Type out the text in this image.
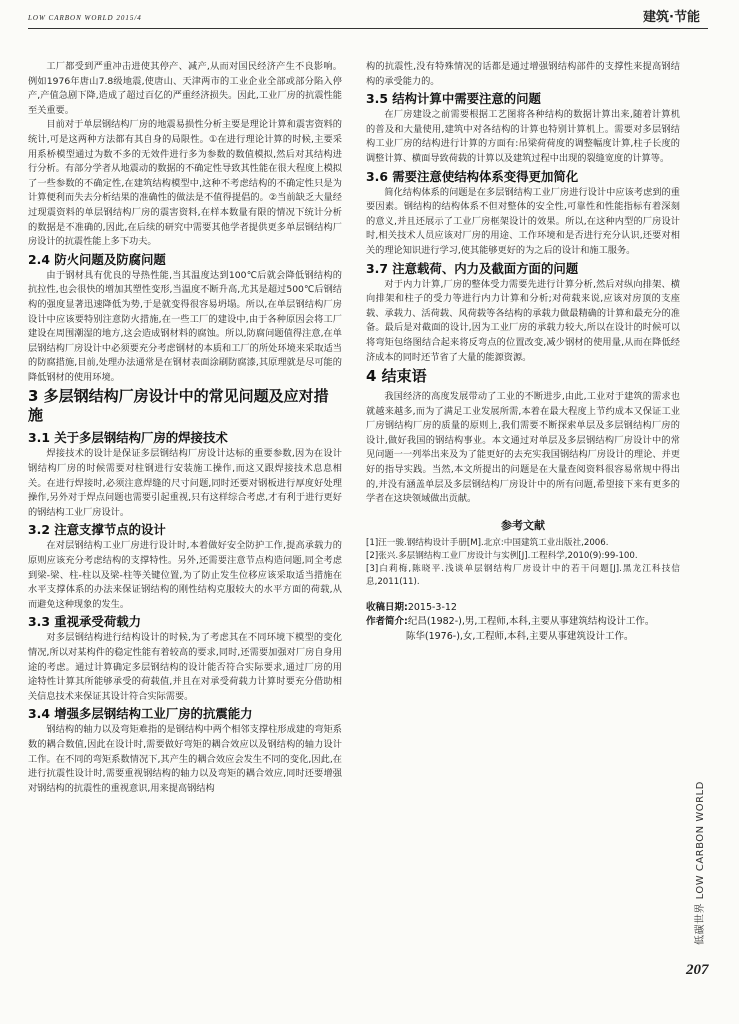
LOW CARBON WORLD 2015/4	建筑·节能

工厂都受到严重冲击进使其停产、减产,从而对国民经济产生不良影响。例如1976年唐山7.8级地震,使唐山、天津两市的工业企业全部或部分陷入停产,产值急剧下降,造成了超过百亿的严重经济损失。因此,工业厂房的抗震性能至关重要。

目前对于单层钢结构厂房的地震易损性分析主要是理论计算和震害资料的统计,可是这两种方法都有其自身的局限性。①在进行理论计算的时候,主要采用系桥模型通过为数不多的无效件进行多为参数的数值模拟,然后对其结构进行分析。有部分学者从地震动的数据的不确定性导致其性能在很大程度上模拟了一些参数的不确定性,在建筑结构模型中,这种不考虑结构的不确定性只是为计算便利而失去分析结果的准确性的做法是不值得提倡的。②当前缺乏大量经过现震资料的单层钢结构厂房的震害资料,在样本数量有限的情况下统计分析的数据是不准确的,因此,在后续的研究中需要其他学者提供更多单层钢结构厂房设计的抗震性能上多下功夫。

2.4 防火问题及防腐问题

由于钢材具有优良的导热性能,当其温度达到100℃后就会降低钢结构的抗拉性,也会很快的增加其塑性变形,当温度不断升高,尤其是超过500℃后钢结构的强度显著迅速降低为势,于是就变得很容易坍塌。所以,在单层钢结构厂房设计中应该要特别注意防火措施,在一些工厂的建设中,由于各种原因会将工厂建设在周围潮湿的地方,这会造成钢材料的腐蚀。所以,防腐问题值得注意,在单层钢结构厂房设计中必须要充分考虑钢材的本质和工厂的所处环境来采取适当的防腐措施,目前,处理办法通常是在钢材表面涂刷防腐漆,其原理就是尽可能的降低钢材的使用环境。

3 多层钢结构厂房设计中的常见问题及应对措施
3.1 关于多层钢结构厂房的焊接技术

焊接技术的设计是保证多层钢结构厂房设计达标的重要参数,因为在设计钢结构厂房的时候需要对柱钢进行安装施工操作,而这又跟焊接技术息息相关。在进行焊接时,必须注意焊缝的尺寸问题,同时还要对钢板进行厚度好处理操作,另外对于焊点问题也需要引起重视,只有这样综合考虑,才有利于进行更好的钢结构工业厂房设计。

3.2 注意支撑节点的设计

在对层钢结构工业厂房进行设计时,本着做好安全防护工作,提高承载力的原则应该充分考虑结构的支撑特性。另外,还需要注意节点构造问题,同全考虑到梁-梁、柱-柱以及梁-柱等关键位置,为了防止发生位移应该采取适当措施在水平支撑体系的办法来保证钢结构的刚性结构克服较大的水平方面的荷载,从而避免这种现象的发生。

3.3 重视承受荷载力

对多层钢结构进行结构设计的时候,为了考虑其在不同环境下模型的变化情况,所以对某构件的稳定性能有着较高的要求,同时,还需要加强对厂房自身用途的考虑。通过计算确定多层钢结构的设计能否符合实际要求,通过厂房的用途特性计算其所能够承受的荷载值,并且在对承受荷载力计算时要充分借助相关信息技术来保证其设计符合实际需要。

3.4 增强多层钢结构工业厂房的抗震能力

钢结构的轴力以及弯矩难指的是钢结构中两个相邻支撑柱形成建的弯矩系数的耦合数值,因此在设计时,需要做好弯矩的耦合效应以及钢结构的轴力设计工作。在不同的弯矩系数情况下,其产生的耦合效应会发生不同的变化,因此,在进行抗震性设计时,需要重视钢结构的轴力以及弯矩的耦合效应,同时还要增强对钢结构的抗震性的重视意识,用来提高钢结构

构的抗震性,没有特殊情况的话都是通过增强钢结构部件的支撑性来提高钢结构的承受能力的。

3.5 结构计算中需要注意的问题

在厂房建设之前需要根据工艺图将各种结构的数据计算出来,随着计算机的普及和大量使用,建筑中对各结构的计算也特别计算机上。需要对多层钢结构工业厂房的结构进行计算的方面有:吊梁荷荷度的调整幅度计算,柱子长度的调整计算、横面导致荷载的计算以及建筑过程中出现的裂缝宽度的计算等。

3.6 需要注意使结构体系变得更加简化

简化结构体系的问题是在多层钢结构工业厂房进行设计中应该考虑到的重要因素。钢结构的结构体系不但对整体的安全性,可靠性和性能指标有着深刻的意义,并且还展示了工业厂房框架设计的效果。所以,在这种内型的厂房设计时,相关技术人员应该对厂房的用途、工作环境和是否进行充分认识,还要对相关的理论知识进行学习,使其能够更好的为之后的设计和施工服务。

3.7 注意载荷、内力及截面方面的问题

对于内力计算,厂房的整体受力需要先进行计算分析,然后对纵向排架、横向排架和柱子的受力等进行内力计算和分析;对荷载来说,应该对房顶的支座载、承载力、活荷载、风荷载等各结构的承载力做最精确的计算和最充分的准备。最后是对截面的设计,因为工业厂房的承载力较大,所以在设计的时候可以将弯矩包络图结合起来将反弯点的位置改变,减少钢材的使用量,从而在降低经济成本的同时还节省了大量的能源资源。

4 结束语

我国经济的高度发展带动了工业的不断进步,由此,工业对于建筑的需求也就越来越多,而为了满足工业发展所需,本着在最大程度上节约成本又保证工业厂房钢结构厂房的质量的原则上,我们需要不断探索单层及多层钢结构厂房的设计,做好我国的钢结构事业。本文通过对单层及多层钢结构厂房设计中的常见问题一一列举出来及为了能更好的去充实我国钢结构厂房设计的理论、并更好的指导实践。当然,本文所提出的问题是在大量查阅资料很容易常规中得出的,并没有涵盖单层及多层钢结构厂房设计中的所有问题,希望接下来有更多的学者在这块领域做出贡献。

参考文献

[1]汪一骏.钢结构设计手册[M].北京:中国建筑工业出版社,2006.

[2]张兴.多层钢结构工业厂房设计与实例[J].工程科学,2010(9):99-100.

[3]白莉梅,陈晓平.浅谈单层钢结构厂房设计中的若干问题[J].黑龙江科技信息,2011(11).

收稿日期:2015-3-12

作者简介:纪昌(1982-),男,工程师,本科,主要从事建筑结构设计工作。

陈华(1976-),女,工程师,本科,主要从事建筑设计工作。

低碳世界 LOW CARBON WORLD
207
